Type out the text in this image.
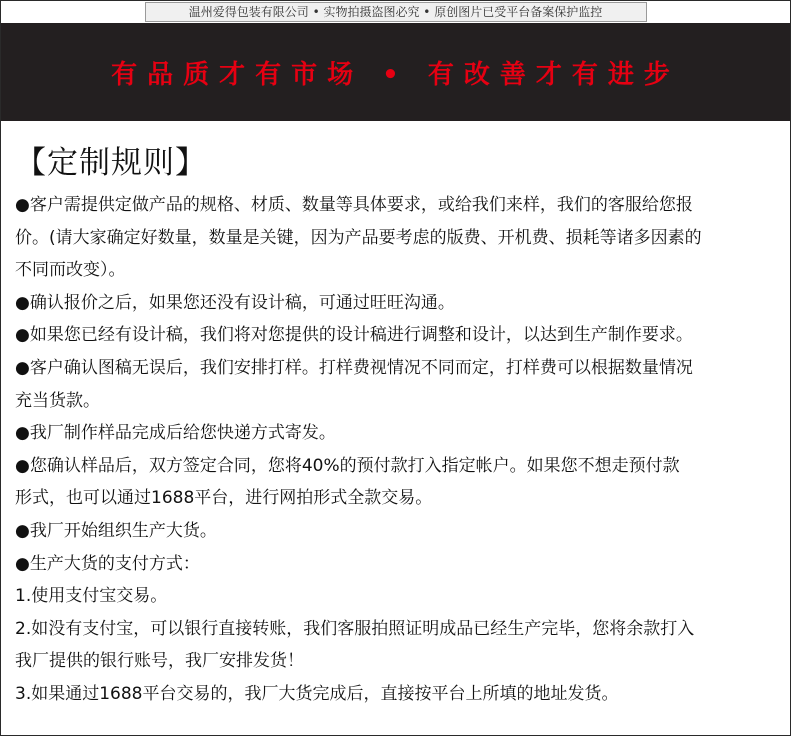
温州爱得包装有限公司 • 实物拍摄盗图必究 • 原创图片已受平台备案保护监控
有品质才有市场 • 有改善才有进步
【定制规则】
●客户需提供定做产品的规格、材质、数量等具体要求，或给我们来样，我们的客服给您报
价。(请大家确定好数量，数量是关键，因为产品要考虑的版费、开机费、损耗等诸多因素的
不同而改变）。
●确认报价之后，如果您还没有设计稿，可通过旺旺沟通。
●如果您已经有设计稿，我们将对您提供的设计稿进行调整和设计，以达到生产制作要求。
●客户确认图稿无误后，我们安排打样。打样费视情况不同而定，打样费可以根据数量情况
充当货款。
●我厂制作样品完成后给您快递方式寄发。
●您确认样品后，双方签定合同，您将40%的预付款打入指定帐户。如果您不想走预付款
形式，也可以通过1688平台，进行网拍形式全款交易。
●我厂开始组织生产大货。
●生产大货的支付方式：
1.使用支付宝交易。
2.如没有支付宝，可以银行直接转账，我们客服拍照证明成品已经生产完毕，您将余款打入
我厂提供的银行账号，我厂安排发货！
3.如果通过1688平台交易的，我厂大货完成后，直接按平台上所填的地址发货。
